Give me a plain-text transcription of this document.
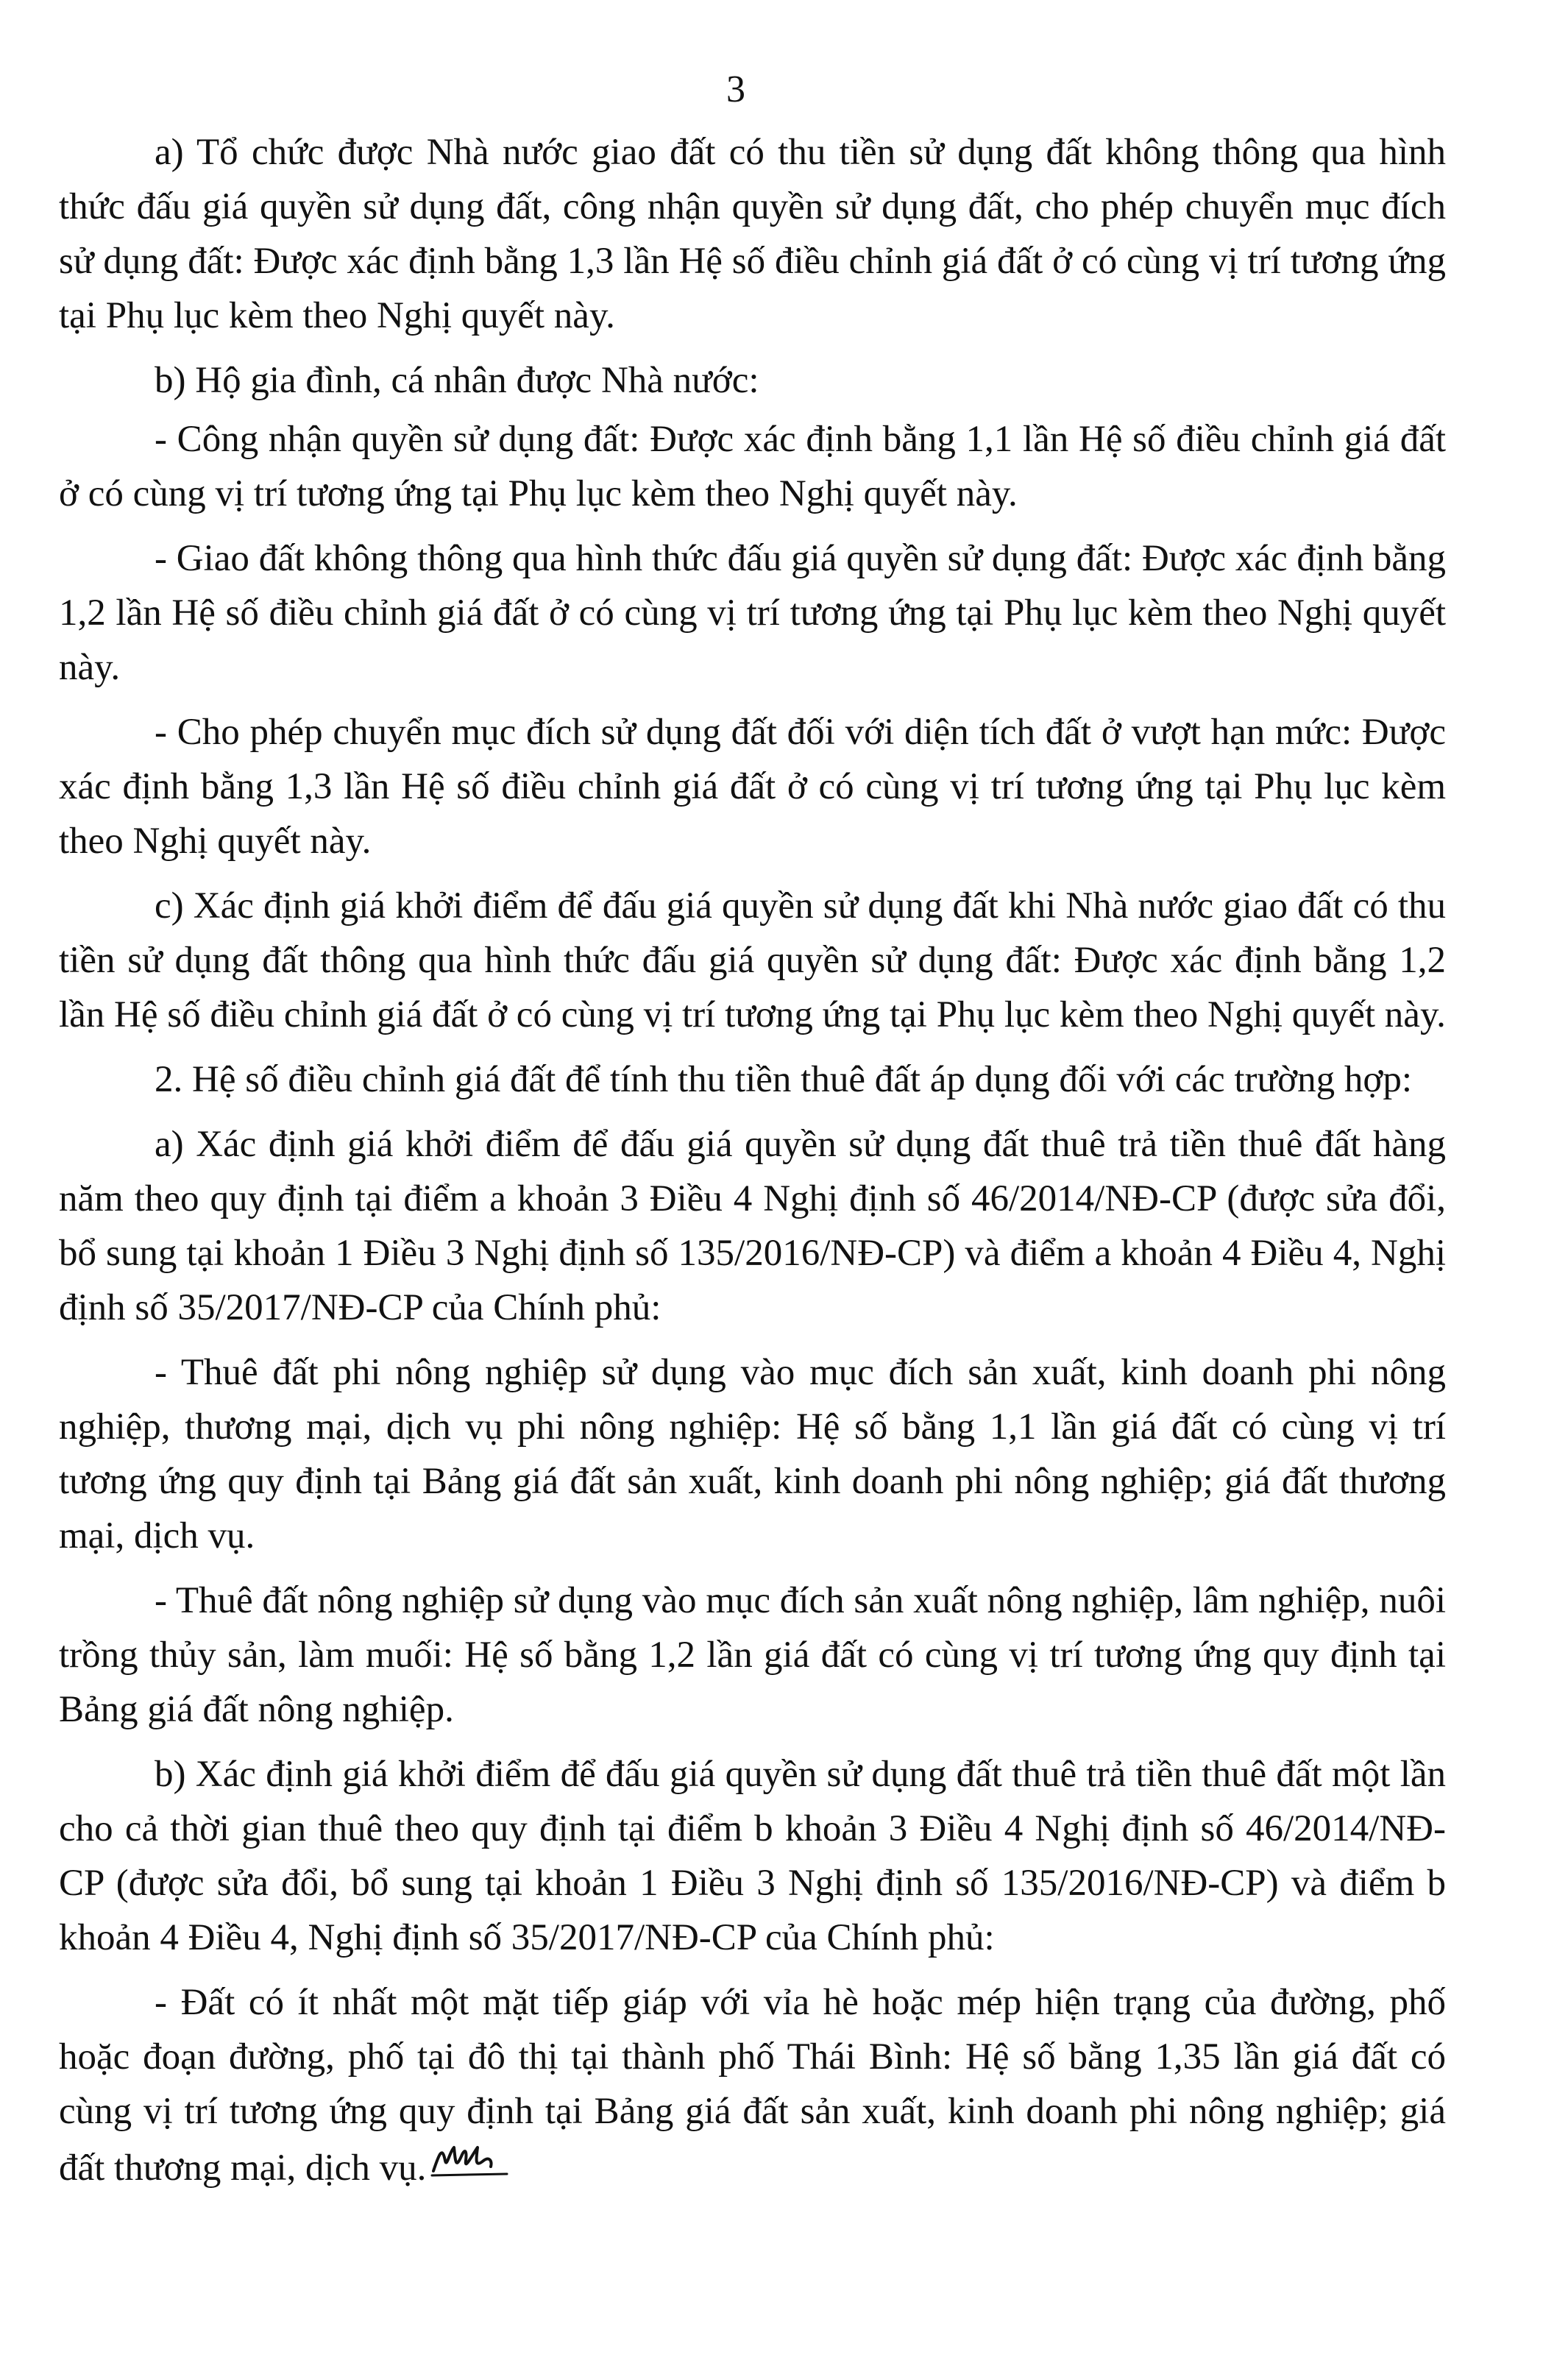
3

a) Tổ chức được Nhà nước giao đất có thu tiền sử dụng đất không thông qua hình thức đấu giá quyền sử dụng đất, công nhận quyền sử dụng đất, cho phép chuyển mục đích sử dụng đất: Được xác định bằng 1,3 lần Hệ số điều chỉnh giá đất ở có cùng vị trí tương ứng tại Phụ lục kèm theo Nghị quyết này.

b) Hộ gia đình, cá nhân được Nhà nước:

- Công nhận quyền sử dụng đất: Được xác định bằng 1,1 lần Hệ số điều chỉnh giá đất ở có cùng vị trí tương ứng tại Phụ lục kèm theo Nghị quyết này.

- Giao đất không thông qua hình thức đấu giá quyền sử dụng đất: Được xác định bằng 1,2 lần Hệ số điều chỉnh giá đất ở có cùng vị trí tương ứng tại Phụ lục kèm theo Nghị quyết này.

- Cho phép chuyển mục đích sử dụng đất đối với diện tích đất ở vượt hạn mức: Được xác định bằng 1,3 lần Hệ số điều chỉnh giá đất ở có cùng vị trí tương ứng tại Phụ lục kèm theo Nghị quyết này.

c) Xác định giá khởi điểm để đấu giá quyền sử dụng đất khi Nhà nước giao đất có thu tiền sử dụng đất thông qua hình thức đấu giá quyền sử dụng đất: Được xác định bằng 1,2 lần Hệ số điều chỉnh giá đất ở có cùng vị trí tương ứng tại Phụ lục kèm theo Nghị quyết này.

2. Hệ số điều chỉnh giá đất để tính thu tiền thuê đất áp dụng đối với các trường hợp:

a) Xác định giá khởi điểm để đấu giá quyền sử dụng đất thuê trả tiền thuê đất hàng năm theo quy định tại điểm a khoản 3 Điều 4 Nghị định số 46/2014/NĐ-CP (được sửa đổi, bổ sung tại khoản 1 Điều 3 Nghị định số 135/2016/NĐ-CP) và điểm a khoản 4 Điều 4, Nghị định số 35/2017/NĐ-CP của Chính phủ:

- Thuê đất phi nông nghiệp sử dụng vào mục đích sản xuất, kinh doanh phi nông nghiệp, thương mại, dịch vụ phi nông nghiệp: Hệ số bằng 1,1 lần giá đất có cùng vị trí tương ứng quy định tại Bảng giá đất sản xuất, kinh doanh phi nông nghiệp; giá đất thương mại, dịch vụ.

- Thuê đất nông nghiệp sử dụng vào mục đích sản xuất nông nghiệp, lâm nghiệp, nuôi trồng thủy sản, làm muối: Hệ số bằng 1,2 lần giá đất có cùng vị trí tương ứng quy định tại Bảng giá đất nông nghiệp.

b) Xác định giá khởi điểm để đấu giá quyền sử dụng đất thuê trả tiền thuê đất một lần cho cả thời gian thuê theo quy định tại điểm b khoản 3 Điều 4 Nghị định số 46/2014/NĐ-CP (được sửa đổi, bổ sung tại khoản 1 Điều 3 Nghị định số 135/2016/NĐ-CP) và điểm b khoản 4 Điều 4, Nghị định số 35/2017/NĐ-CP của Chính phủ:

- Đất có ít nhất một mặt tiếp giáp với vỉa hè hoặc mép hiện trạng của đường, phố hoặc đoạn đường, phố tại đô thị tại thành phố Thái Bình: Hệ số bằng 1,35 lần giá đất có cùng vị trí tương ứng quy định tại Bảng giá đất sản xuất, kinh doanh phi nông nghiệp; giá đất thương mại, dịch vụ.
